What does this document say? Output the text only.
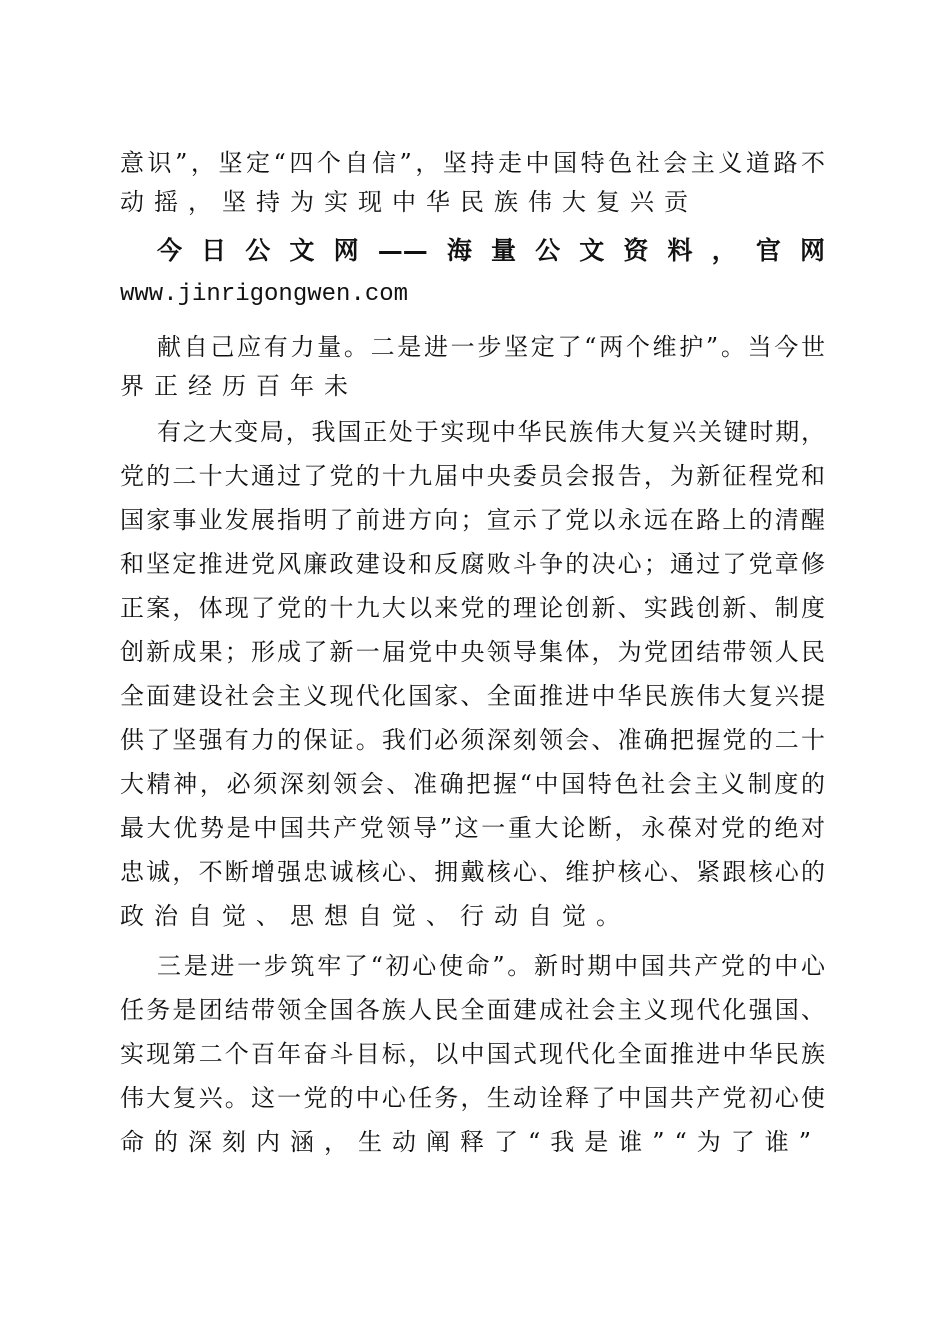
意识”，坚定“四个自信”，坚持走中国特色社会主义道路不
动摇，坚持为实现中华民族伟大复兴贡
今日公文网——海量公文资料，官网
www.jinrigongwen.com
献自己应有力量。二是进一步坚定了“两个维护”。当今世
界正经历百年未
有之大变局，我国正处于实现中华民族伟大复兴关键时期，
党的二十大通过了党的十九届中央委员会报告，为新征程党和
国家事业发展指明了前进方向；宣示了党以永远在路上的清醒
和坚定推进党风廉政建设和反腐败斗争的决心；通过了党章修
正案，体现了党的十九大以来党的理论创新、实践创新、制度
创新成果；形成了新一届党中央领导集体，为党团结带领人民
全面建设社会主义现代化国家、全面推进中华民族伟大复兴提
供了坚强有力的保证。我们必须深刻领会、准确把握党的二十
大精神，必须深刻领会、准确把握“中国特色社会主义制度的
最大优势是中国共产党领导”这一重大论断，永葆对党的绝对
忠诚，不断增强忠诚核心、拥戴核心、维护核心、紧跟核心的
政治自觉、思想自觉、行动自觉。
三是进一步筑牢了“初心使命”。新时期中国共产党的中心
任务是团结带领全国各族人民全面建成社会主义现代化强国、
实现第二个百年奋斗目标，以中国式现代化全面推进中华民族
伟大复兴。这一党的中心任务，生动诠释了中国共产党初心使
命的深刻内涵，生动阐释了“我是谁”“为了谁”
